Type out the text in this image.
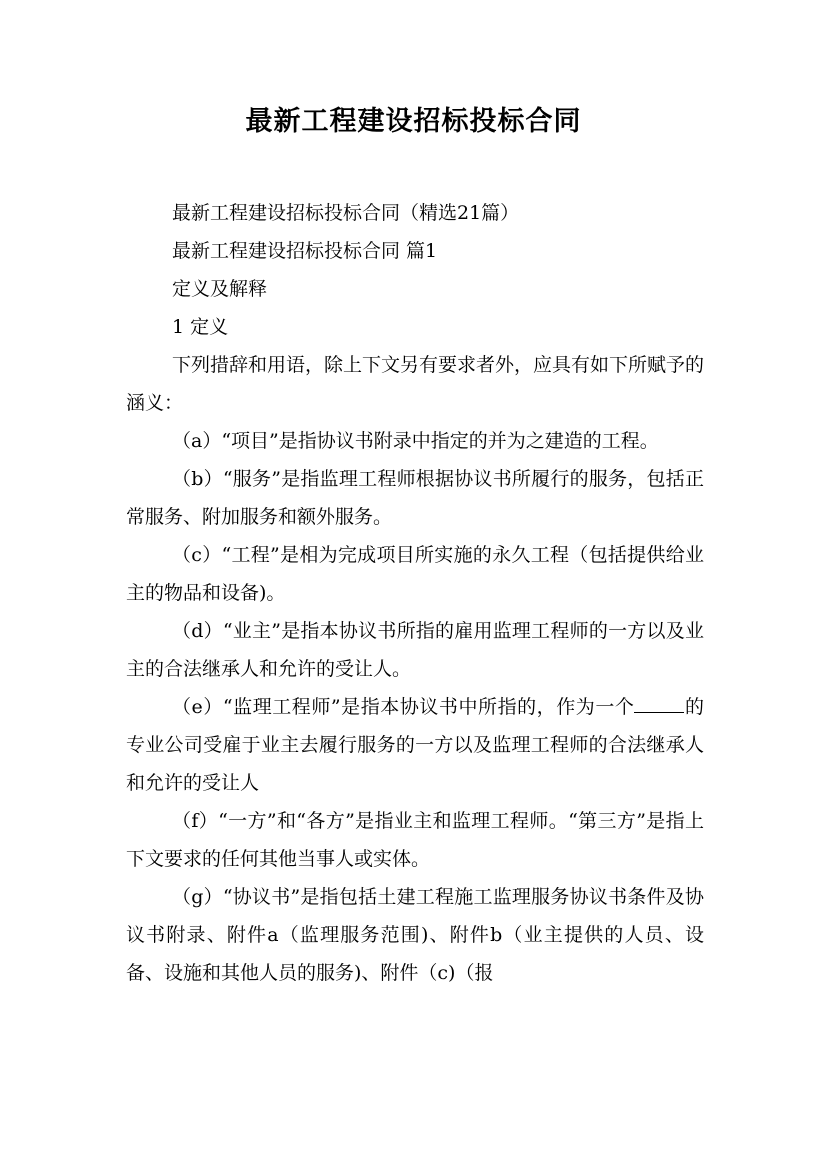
最新工程建设招标投标合同

最新工程建设招标投标合同（精选21篇）

最新工程建设招标投标合同 篇1

定义及解释

1 定义

下列措辞和用语，除上下文另有要求者外，应具有如下所赋予的涵义：

（a）“项目”是指协议书附录中指定的并为之建造的工程。

（b）“服务”是指监理工程师根据协议书所履行的服务，包括正常服务、附加服务和额外服务。

（c）“工程”是相为完成项目所实施的永久工程（包括提供给业主的物品和设备)。

（d）“业主”是指本协议书所指的雇用监理工程师的一方以及业主的合法继承人和允许的受让人。

（e）“监理工程师”是指本协议书中所指的，作为一个	的专业公司受雇于业主去履行服务的一方以及监理工程师的合法继承人和允许的受让人

（f）“一方”和“各方”是指业主和监理工程师。“第三方”是指上下文要求的任何其他当事人或实体。

（g）“协议书”是指包括土建工程施工监理服务协议书条件及协议书附录、附件a（监理服务范围)、附件b（业主提供的人员、设备、设施和其他人员的服务)、附件（c)（报
